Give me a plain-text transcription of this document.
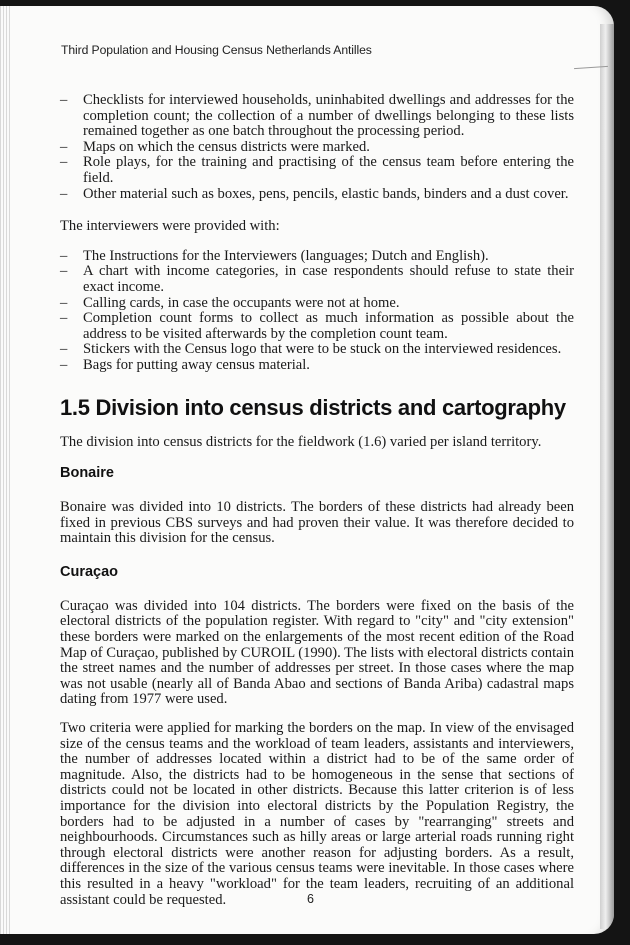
Third Population and Housing Census Netherlands Antilles
– Checklists for interviewed households, uninhabited dwellings and addresses for the completion count; the collection of a number of dwellings belonging to these lists remained together as one batch throughout the processing period.
– Maps on which the census districts were marked.
– Role plays, for the training and practising of the census team before entering the field.
– Other material such as boxes, pens, pencils, elastic bands, binders and a dust cover.

The interviewers were provided with:

– The Instructions for the Interviewers (languages; Dutch and English).
– A chart with income categories, in case respondents should refuse to state their exact income.
– Calling cards, in case the occupants were not at home.
– Completion count forms to collect as much information as possible about the address to be visited afterwards by the completion count team.
– Stickers with the Census logo that were to be stuck on the interviewed residences.
– Bags for putting away census material.
1.5 Division into census districts and cartography

The division into census districts for the fieldwork (1.6) varied per island territory.

Bonaire

Bonaire was divided into 10 districts. The borders of these districts had already been fixed in previous CBS surveys and had proven their value. It was therefore decided to maintain this division for the census.

Curaçao

Curaçao was divided into 104 districts. The borders were fixed on the basis of the electoral districts of the population register. With regard to "city" and "city extension" these borders were marked on the enlargements of the most recent edition of the Road Map of Curaçao, published by CUROIL (1990). The lists with electoral districts contain the street names and the number of addresses per street. In those cases where the map was not usable (nearly all of Banda Abao and sections of Banda Ariba) cadastral maps dating from 1977 were used.

Two criteria were applied for marking the borders on the map. In view of the envisaged size of the census teams and the workload of team leaders, assistants and interviewers, the number of addresses located within a district had to be of the same order of magnitude. Also, the districts had to be homogeneous in the sense that sections of districts could not be located in other districts. Because this latter criterion is of less importance for the division into electoral districts by the Population Registry, the borders had to be adjusted in a number of cases by "rearranging" streets and neighbourhoods. Circumstances such as hilly areas or large arterial roads running right through electoral districts were another reason for adjusting borders. As a result, differences in the size of the various census teams were inevitable. In those cases where this resulted in a heavy "workload" for the team leaders, recruiting of an additional assistant could be requested.	6
